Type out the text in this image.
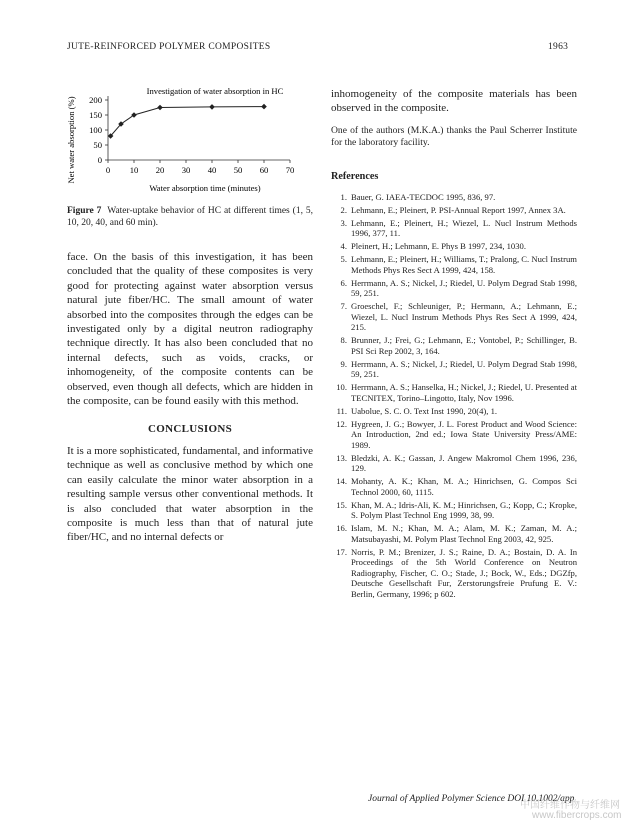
JUTE-REINFORCED POLYMER COMPOSITES	1963
Investigation of water absorption in HC
Net water absorption (%)
Water absorption time (minutes)
0
50
100
150
200
0 10 20 30 40 50 60 70
Figure 7 Water-uptake behavior of HC at different times (1, 5, 10, 20, 40, and 60 min).

face. On the basis of this investigation, it has been concluded that the quality of these composites is very good for protecting against water absorption versus natural jute fiber/HC. The small amount of water absorbed into the composites through the edges can be investigated only by a digital neutron radiography technique directly. It has also been concluded that no internal defects, such as voids, cracks, or inhomogeneity, of the composite contents can be observed, even though all defects, which are hidden in the composite, can be found easily with this method.

CONCLUSIONS

It is a more sophisticated, fundamental, and informative technique as well as conclusive method by which one can easily calculate the minor water absorption in a resulting sample versus other conventional methods. It is also concluded that water absorption in the composite is much less than that of natural jute fiber/HC, and no internal defects or

inhomogeneity of the composite materials has been observed in the composite.

One of the authors (M.K.A.) thanks the Paul Scherrer Institute for the laboratory facility.

References
1. Bauer, G. IAEA-TECDOC 1995, 836, 97.
2. Lehmann, E.; Pleinert, P. PSI-Annual Report 1997, Annex 3A.
3. Lehmann, E.; Pleinert, H.; Wiezel, L. Nucl Instrum Methods 1996, 377, 11.
4. Pleinert, H.; Lehmann, E. Phys B 1997, 234, 1030.
5. Lehmann, E.; Pleinert, H.; Williams, T.; Pralong, C. Nucl Instrum Methods Phys Res Sect A 1999, 424, 158.
6. Herrmann, A. S.; Nickel, J.; Riedel, U. Polym Degrad Stab 1998, 59, 251.
7. Groeschel, F.; Schleuniger, P.; Hermann, A.; Lehmann, E.; Wiezel, L. Nucl Instrum Methods Phys Res Sect A 1999, 424, 215.
8. Brunner, J.; Frei, G.; Lehmann, E.; Vontobel, P.; Schillinger, B. PSI Sci Rep 2002, 3, 164.
9. Herrmann, A. S.; Nickel, J.; Riedel, U. Polym Degrad Stab 1998, 59, 251.
10. Herrmann, A. S.; Hanselka, H.; Nickel, J.; Riedel, U. Presented at TECNITEX, Torino–Lingotto, Italy, Nov 1996.
11. Uabolue, S. C. O. Text Inst 1990, 20(4), 1.
12. Hygreen, J. G.; Bowyer, J. L. Forest Product and Wood Science: An Introduction, 2nd ed.; Iowa State University Press/AME: 1989.
13. Bledzki, A. K.; Gassan, J. Angew Makromol Chem 1996, 236, 129.
14. Mohanty, A. K.; Khan, M. A.; Hinrichsen, G. Compos Sci Technol 2000, 60, 1115.
15. Khan, M. A.; Idris-Ali, K. M.; Hinrichsen, G.; Kopp, C.; Kropke, S. Polym Plast Technol Eng 1999, 38, 99.
16. Islam, M. N.; Khan, M. A.; Alam, M. K.; Zaman, M. A.; Matsubayashi, M. Polym Plast Technol Eng 2003, 42, 925.
17. Norris, P. M.; Brenizer, J. S.; Raine, D. A.; Bostain, D. A. In Proceedings of the 5th World Conference on Neutron Radiography, Fischer, C. O.; Stade, J.; Bock, W., Eds.; DGZfp, Deutsche Gesellschaft Fur, Zerstorungsfreie Prufung E. V.: Berlin, Germany, 1996; p 602.
Journal of Applied Polymer Science DOI 10.1002/app
中国纤维作物与纤维网
www.fibercrops.com
